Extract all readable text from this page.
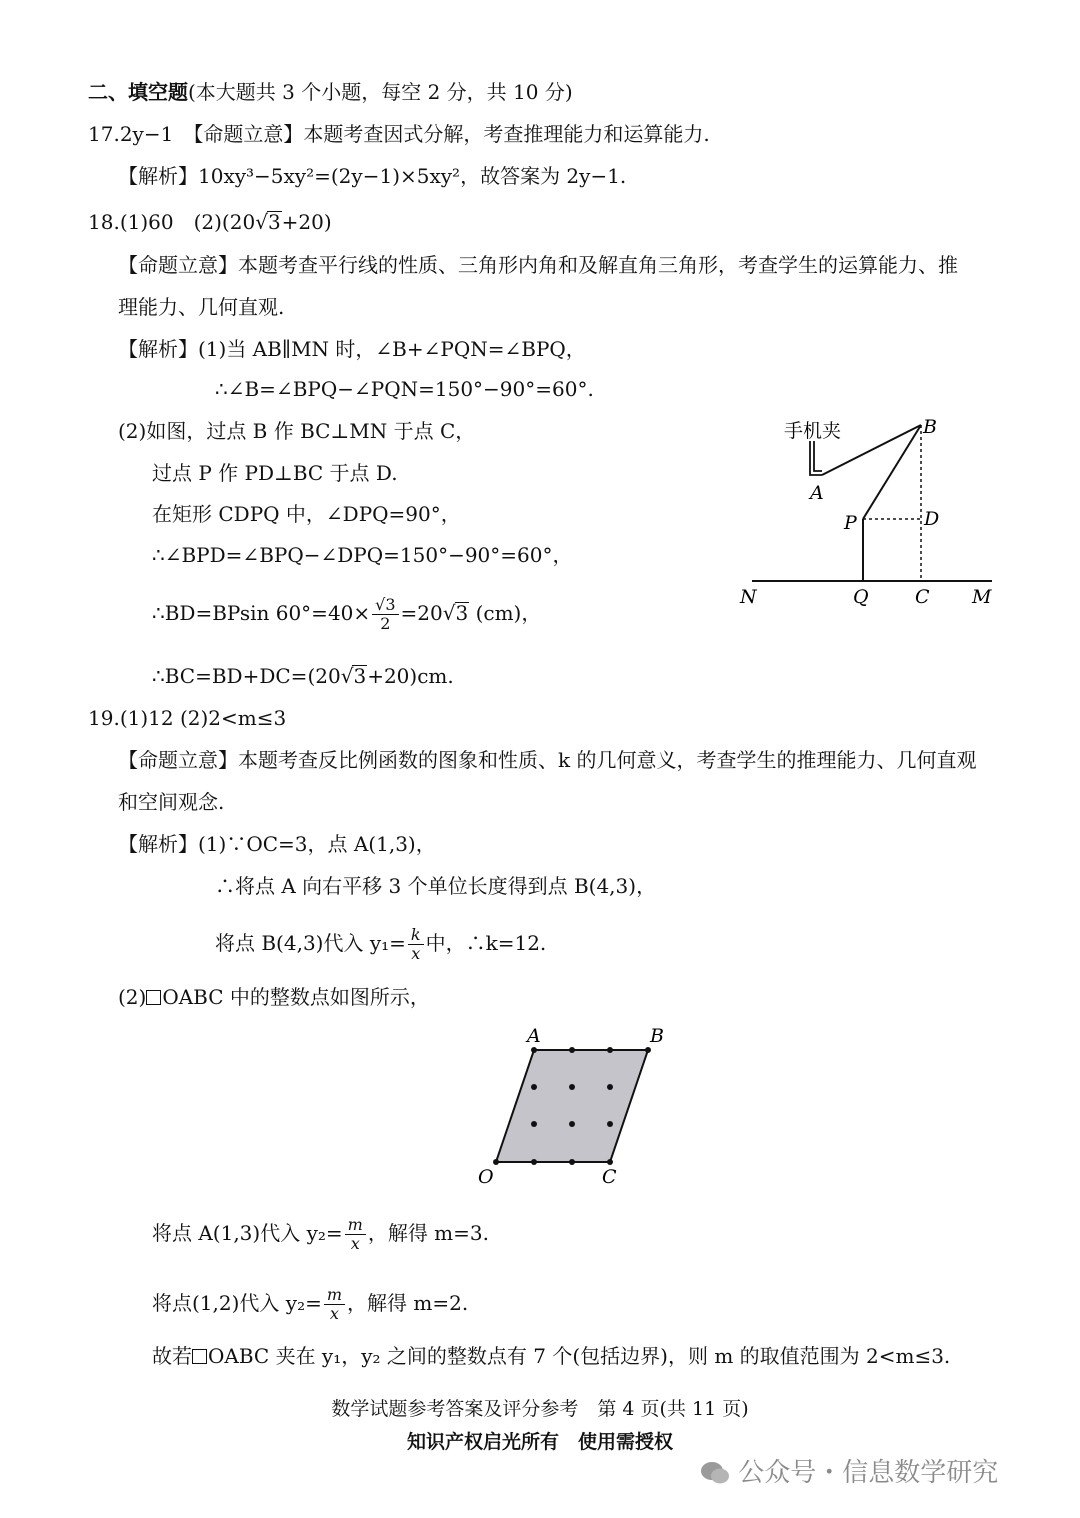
二、填空题(本大题共 3 个小题，每空 2 分，共 10 分)
17.2y−1　 【命题立意】本题考查因式分解，考查推理能力和运算能力.
【解析】10xy³−5xy²=(2y−1)×5xy²，故答案为 2y−1.
18.(1)60　 (2)(20√3+20)
【命题立意】本题考查平行线的性质、三角形内角和及解直角三角形，考查学生的运算能力、推
理能力、几何直观.
【解析】(1)当 AB∥MN 时，∠B+∠PQN=∠BPQ，
∴∠B=∠BPQ−∠PQN=150°−90°=60°.
(2)如图，过点 B 作 BC⊥MN 于点 C，
过点 P 作 PD⊥BC 于点 D.
在矩形 CDPQ 中，∠DPQ=90°，
∴∠BPD=∠BPQ−∠DPQ=150°−90°=60°，
∴BD=BPsin $60^\circ=40\times \frac{√3}{2} =20√3$ (cm)，
∴BC=BD+DC=(20√3+20)cm.
手机夹	B
A
P	D
N	Q C M
19.(1)12 (2)2<m≤3
【命题立意】本题考查反比例函数的图象和性质、k 的几何意义，考查学生的推理能力、几何直观
和空间观念.
【解析】(1)∵OC=3，点 A(1,3)，
∴将点 A 向右平移 3 个单位长度得到点 B(4,3)，
将点 B(4,3)代入 $y_1= \frac{k}{x}$ 中，∴k=12.
(2) OABC 中的整数点如图所示，
A	B
O	C
将点 A(1,3)代入 $y_2= \frac{m}{x}$ ，解得 m=3.
将点(1,2)代入 $y_2= \frac{m}{x}$ ，解得 m=2.
故若 OABC 夹在 y₁，y₂ 之间的整数点有 7 个(包括边界)，则 m 的取值范围为 2<m≤3.
数学试题参考答案及评分参考　第 4 页(共 11 页)
知识产权启光所有　使用需授权
公众号・信息数学研究
